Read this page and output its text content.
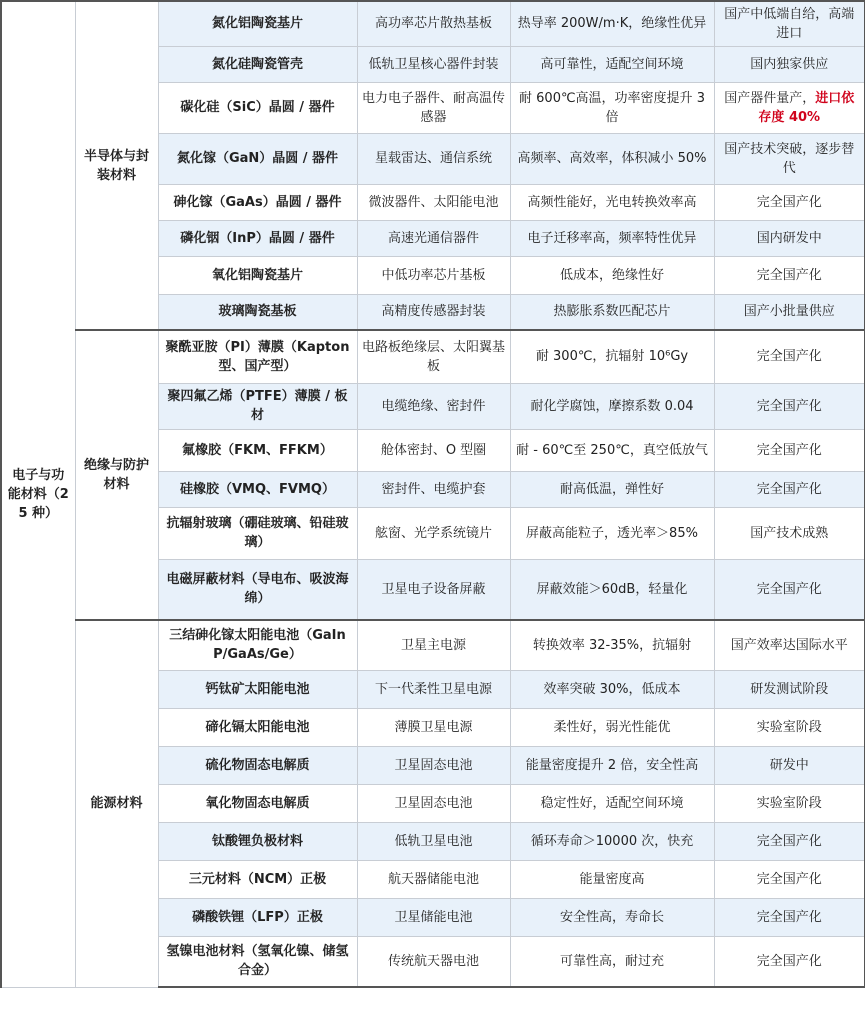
电子与功能材料（25 种）	半导体与封装材料	氮化铝陶瓷基片	高功率芯片散热基板	热导率 200W/m·K，绝缘性优异	国产中低端自给，高端进口
		氮化硅陶瓷管壳	低轨卫星核心器件封装	高可靠性，适配空间环境	国内独家供应
		碳化硅（SiC）晶圆 / 器件	电力电子器件、耐高温传感器	耐 600℃高温，功率密度提升 3 倍	国产器件量产，进口依存度 40%
		氮化镓（GaN）晶圆 / 器件	星载雷达、通信系统	高频率、高效率，体积减小 50%	国产技术突破，逐步替代
		砷化镓（GaAs）晶圆 / 器件	微波器件、太阳能电池	高频性能好，光电转换效率高	完全国产化
		磷化铟（InP）晶圆 / 器件	高速光通信器件	电子迁移率高，频率特性优异	国内研发中
		氧化铝陶瓷基片	中低功率芯片基板	低成本，绝缘性好	完全国产化
		玻璃陶瓷基板	高精度传感器封装	热膨胀系数匹配芯片	国产小批量供应
	绝缘与防护材料	聚酰亚胺（PI）薄膜（Kapton 型、国产型）	电路板绝缘层、太阳翼基板	耐 300℃，抗辐射 10⁶Gy	完全国产化
		聚四氟乙烯（PTFE）薄膜 / 板材	电缆绝缘、密封件	耐化学腐蚀，摩擦系数 0.04	完全国产化
		氟橡胶（FKM、FFKM）	舱体密封、O 型圈	耐 - 60℃至 250℃，真空低放气	完全国产化
		硅橡胶（VMQ、FVMQ）	密封件、电缆护套	耐高低温，弹性好	完全国产化
		抗辐射玻璃（硼硅玻璃、铅硅玻璃）	舷窗、光学系统镜片	屏蔽高能粒子，透光率＞85%	国产技术成熟
		电磁屏蔽材料（导电布、吸波海绵）	卫星电子设备屏蔽	屏蔽效能＞60dB，轻量化	完全国产化
	能源材料	三结砷化镓太阳能电池（GaInP/GaAs/Ge）	卫星主电源	转换效率 32-35%，抗辐射	国产效率达国际水平
		钙钛矿太阳能电池	下一代柔性卫星电源	效率突破 30%，低成本	研发测试阶段
		碲化镉太阳能电池	薄膜卫星电源	柔性好，弱光性能优	实验室阶段
		硫化物固态电解质	卫星固态电池	能量密度提升 2 倍，安全性高	研发中
		氧化物固态电解质	卫星固态电池	稳定性好，适配空间环境	实验室阶段
		钛酸锂负极材料	低轨卫星电池	循环寿命＞10000 次，快充	完全国产化
		三元材料（NCM）正极	航天器储能电池	能量密度高	完全国产化
		磷酸铁锂（LFP）正极	卫星储能电池	安全性高，寿命长	完全国产化
		氢镍电池材料（氢氧化镍、储氢合金）	传统航天器电池	可靠性高，耐过充	完全国产化
